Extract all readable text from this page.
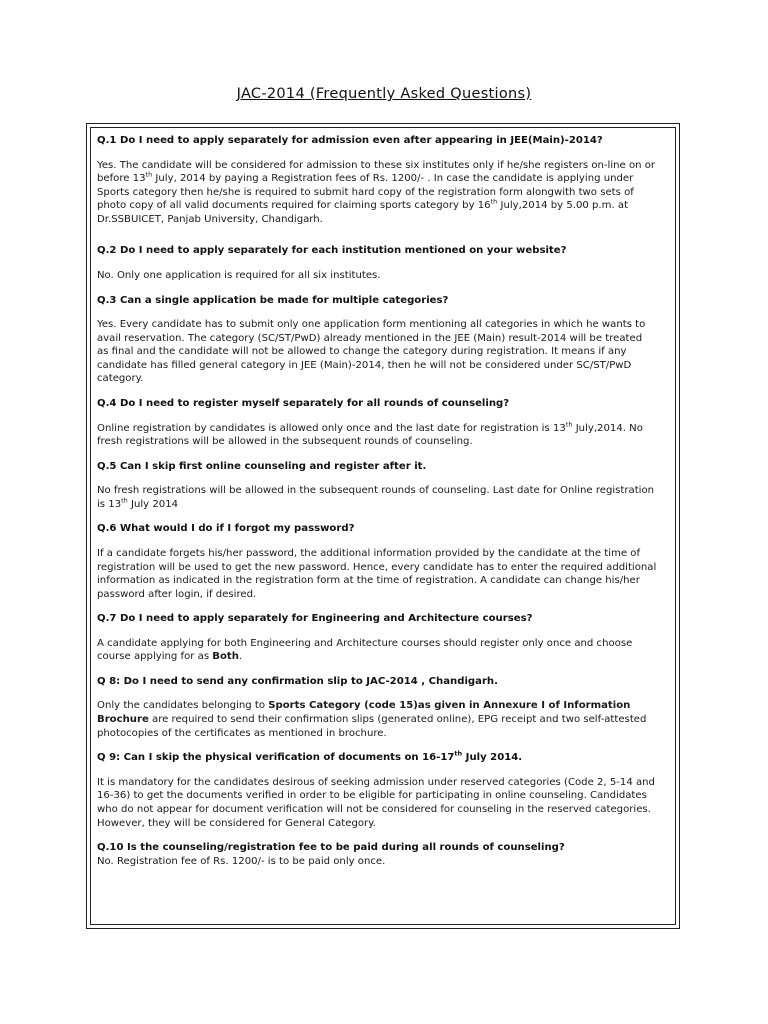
JAC-2014 (Frequently Asked Questions)

Q.1 Do I need to apply separately for admission even after appearing in JEE(Main)-2014?

Yes. The candidate will be considered for admission to these six institutes only if he/she registers on-line on or

before 13th July, 2014 by paying a Registration fees of Rs. 1200/- . In case the candidate is applying under

Sports category then he/she is required to submit hard copy of the registration form alongwith two sets of

photo copy of all valid documents required for claiming sports category by 16th July,2014 by 5.00 p.m. at

Dr.SSBUICET, Panjab University, Chandigarh.

Q.2 Do I need to apply separately for each institution mentioned on your website?

No. Only one application is required for all six institutes.

Q.3 Can a single application be made for multiple categories?

Yes. Every candidate has to submit only one application form mentioning all categories in which he wants to

avail reservation. The category (SC/ST/PwD) already mentioned in the JEE (Main) result-2014 will be treated

as final and the candidate will not be allowed to change the category during registration. It means if any

candidate has filled general category in JEE (Main)-2014, then he will not be considered under SC/ST/PwD

category.

Q.4 Do I need to register myself separately for all rounds of counseling?

Online registration by candidates is allowed only once and the last date for registration is 13th July,2014. No

fresh registrations will be allowed in the subsequent rounds of counseling.

Q.5 Can I skip first online counseling and register after it.

No fresh registrations will be allowed in the subsequent rounds of counseling. Last date for Online registration

is 13th July 2014

Q.6 What would I do if I forgot my password?

If a candidate forgets his/her password, the additional information provided by the candidate at the time of

registration will be used to get the new password. Hence, every candidate has to enter the required additional

information as indicated in the registration form at the time of registration. A candidate can change his/her

password after login, if desired.

Q.7 Do I need to apply separately for Engineering and Architecture courses?

A candidate applying for both Engineering and Architecture courses should register only once and choose

course applying for as Both.

Q 8: Do I need to send any confirmation slip to JAC-2014 , Chandigarh.

Only the candidates belonging to Sports Category (code 15)as given in Annexure I of Information

Brochure are required to send their confirmation slips (generated online), EPG receipt and two self-attested

photocopies of the certificates as mentioned in brochure.

Q 9: Can I skip the physical verification of documents on 16-17th July 2014.

It is mandatory for the candidates desirous of seeking admission under reserved categories (Code 2, 5-14 and

16-36) to get the documents verified in order to be eligible for participating in online counseling. Candidates

who do not appear for document verification will not be considered for counseling in the reserved categories.

However, they will be considered for General Category.

Q.10 Is the counseling/registration fee to be paid during all rounds of counseling?

No. Registration fee of Rs. 1200/- is to be paid only once.
